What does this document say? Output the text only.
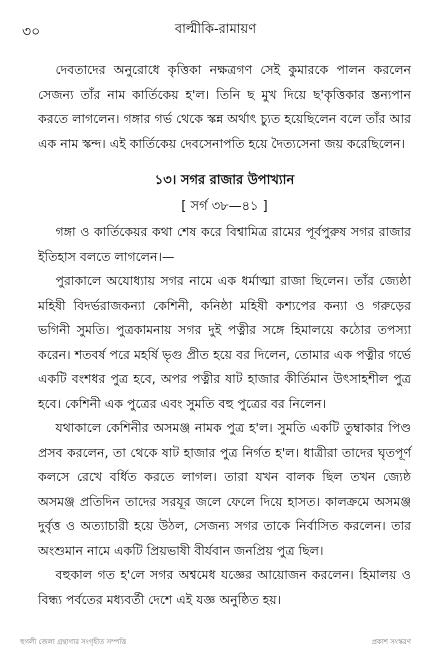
৩০	বাল্মীকি-রামায়ণ

দেবতাদের অনুরোধে কৃত্তিকা নক্ষত্রগণ সেই কুমারকে পালন করলেন সেজন্য তাঁর নাম কার্তিকেয় হ'ল। তিনি ছ মুখ দিয়ে ছ'কৃত্তিকার স্তন্যপান করতে লাগলেন। গঙ্গার গর্ভ থেকে স্কন্ন অর্থাৎ চ্যুত হয়েছিলেন বলে তাঁর আর এক নাম স্কন্দ। এই কার্তিকেয় দেবসেনাপতি হয়ে দৈত্যসেনা জয় করেছিলেন।

১৩। সগর রাজার উপাখ্যান
[ সর্গ ৩৮—৪১ ]

গঙ্গা ও কার্তিকেয়র কথা শেষ করে বিশ্বামিত্র রামের পূর্বপুরুষ সগর রাজার ইতিহাস বলতে লাগলেন।—

পুরাকালে অযোধ্যায় সগর নামে এক ধর্মাত্মা রাজা ছিলেন। তাঁর জ্যেষ্ঠা মহিষী বিদর্ভরাজকন্যা কেশিনী, কনিষ্ঠা মহিষী কশ্যপের কন্যা ও গরুড়ের ভগিনী সুমতি। পুত্রকামনায় সগর দুই পত্নীর সঙ্গে হিমালয়ে কঠোর তপস্যা করেন। শতবর্ষ পরে মহর্ষি ভৃগু প্রীত হয়ে বর দিলেন, তোমার এক পত্নীর গর্ভে একটি বংশধর পুত্র হবে, অপর পত্নীর ষাট হাজার কীর্তিমান উৎসাহশীল পুত্র হবে। কেশিনী এক পুত্রের এবং সুমতি বহু পুত্রের বর নিলেন।

যথাকালে কেশিনীর অসমঞ্জ নামক পুত্র হ'ল। সুমতি একটি তুম্বাকার পিণ্ড প্রসব করলেন, তা থেকে ষাট হাজার পুত্র নির্গত হ'ল। ধাত্রীরা তাদের ঘৃতপূর্ণ কলসে রেখে বর্ধিত করতে লাগল। তারা যখন বালক ছিল তখন জ্যেষ্ঠ অসমঞ্জ প্রতিদিন তাদের সরযূর জলে ফেলে দিয়ে হাসত। কালক্রমে অসমঞ্জ দুর্বৃত্ত ও অত্যাচারী হয়ে উঠল, সেজন্য সগর তাকে নির্বাসিত করলেন। তার অংশুমান নামে একটি প্রিয়ভাষী বীর্যবান জনপ্রিয় পুত্র ছিল।

বহুকাল গত হ'লে সগর অশ্বমেধ যজ্ঞের আয়োজন করলেন। হিমালয় ও বিন্ধ্য পর্বতের মধ্যবর্তী দেশে এই যজ্ঞ অনুষ্ঠিত হয়।

হুগলী জেলা গ্রন্থাগার সংগৃহীত সম্পত্তি	প্রকাশ সংস্করণ
